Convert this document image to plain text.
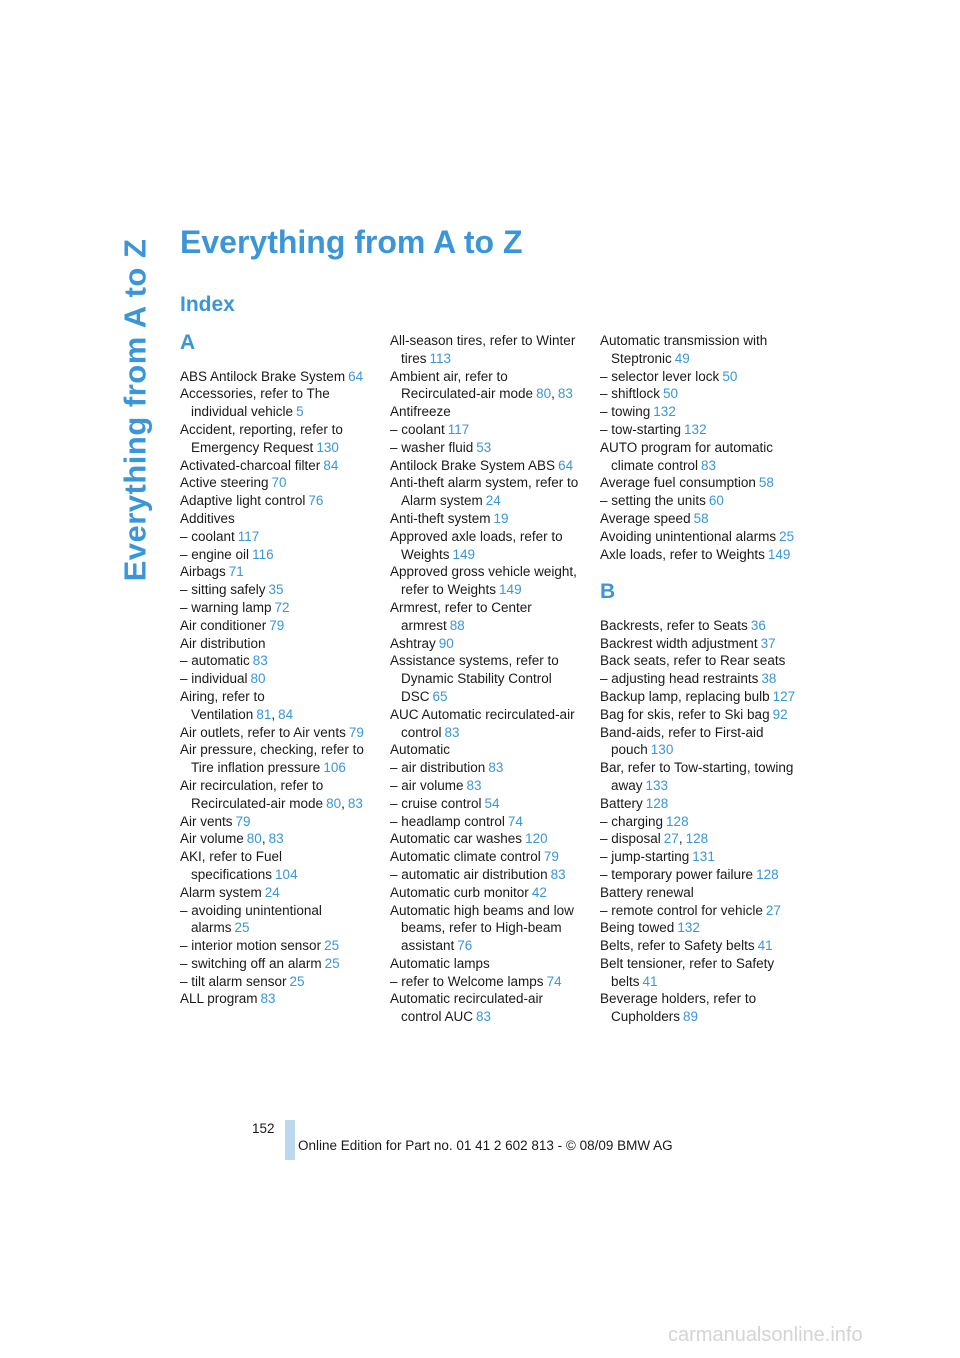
Everything from A to Z Everything from A to Z
Index
A
ABS Antilock Brake System 64
Accessories, refer to The individual vehicle 5
Accident, reporting, refer to Emergency Request 130
Activated-charcoal filter 84
Active steering 70
Adaptive light control 76
Additives
– coolant 117
– engine oil 116
Airbags 71
– sitting safely 35
– warning lamp 72
Air conditioner 79
Air distribution
– automatic 83
– individual 80
Airing, refer to Ventilation 81, 84
Air outlets, refer to Air vents 79
Air pressure, checking, refer to Tire inflation pressure 106
Air recirculation, refer to Recirculated-air mode 80, 83
Air vents 79
Air volume 80, 83
AKI, refer to Fuel specifications 104
Alarm system 24
– avoiding unintentional alarms 25
– interior motion sensor 25
– switching off an alarm 25
– tilt alarm sensor 25
ALL program 83
All-season tires, refer to Winter tires 113
Ambient air, refer to Recirculated-air mode 80, 83
Antifreeze
– coolant 117
– washer fluid 53
Antilock Brake System ABS 64
Anti-theft alarm system, refer to Alarm system 24
Anti-theft system 19
Approved axle loads, refer to Weights 149
Approved gross vehicle weight, refer to Weights 149
Armrest, refer to Center armrest 88
Ashtray 90
Assistance systems, refer to Dynamic Stability Control DSC 65
AUC Automatic recirculated-air control 83
Automatic
– air distribution 83
– air volume 83
– cruise control 54
– headlamp control 74
Automatic car washes 120
Automatic climate control 79
– automatic air distribution 83
Automatic curb monitor 42
Automatic high beams and low beams, refer to High-beam assistant 76
Automatic lamps
– refer to Welcome lamps 74
Automatic recirculated-air control AUC 83
Automatic transmission with Steptronic 49
– selector lever lock 50
– shiftlock 50
– towing 132
– tow-starting 132
AUTO program for automatic climate control 83
Average fuel consumption 58
– setting the units 60
Average speed 58
Avoiding unintentional alarms 25
Axle loads, refer to Weights 149
B
Backrests, refer to Seats 36
Backrest width adjustment 37
Back seats, refer to Rear seats
– adjusting head restraints 38
Backup lamp, replacing bulb 127
Bag for skis, refer to Ski bag 92
Band-aids, refer to First-aid pouch 130
Bar, refer to Tow-starting, towing away 133
Battery 128
– charging 128
– disposal 27, 128
– jump-starting 131
– temporary power failure 128
Battery renewal
– remote control for vehicle 27
Being towed 132
Belts, refer to Safety belts 41
Belt tensioner, refer to Safety belts 41
Beverage holders, refer to Cupholders 89
152
Online Edition for Part no. 01 41 2 602 813 - © 08/09 BMW AG
carmanualsonline.info
